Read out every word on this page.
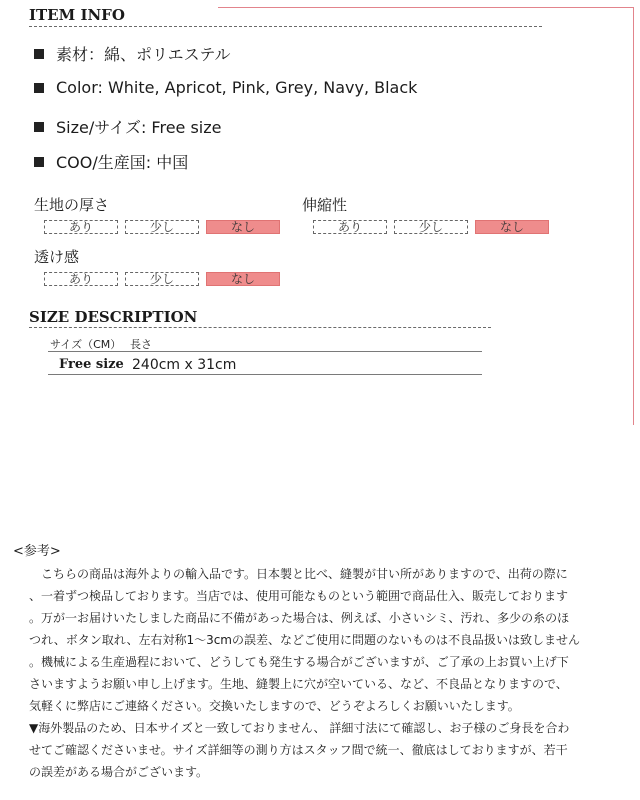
ITEM INFO
素材：綿、ポリエステル
Color: White, Apricot, Pink, Grey, Navy, Black
Size/サイズ: Free size
COO/生産国: 中国
生地の厚さ
あり	少し	なし
伸縮性
あり	少し	なし
透け感
あり	少し	なし
SIZE DESCRIPTION
サイズ（CM） 長さ
Free size 240cm x 31cm
<参考>
　こちらの商品は海外よりの輸入品です。日本製と比べ、縫製が甘い所がありますので、出荷の際に
、一着ずつ検品しております。当店では、使用可能なものという範囲で商品仕入、販売しております
。万が一お届けいたしました商品に不備があった場合は、例えば、小さいシミ、汚れ、多少の糸のほ
つれ、ボタン取れ、左右対称1～3cmの誤差、などご使用に問題のないものは不良品扱いは致しません
。機械による生産過程において、どうしても発生する場合がございますが、ご了承の上お買い上げ下
さいますようお願い申し上げます。生地、縫製上に穴が空いている、など、不良品となりますので、
気軽くに弊店にご連絡ください。交換いたしますので、どうぞよろしくお願いいたします。
▼海外製品のため、日本サイズと一致しておりません、 詳細寸法にて確認し、お子様のご身長を合わ
せてご確認くださいませ。サイズ詳細等の測り方はスタッフ間で統一、徹底はしておりますが、若干
の誤差がある場合がございます。
